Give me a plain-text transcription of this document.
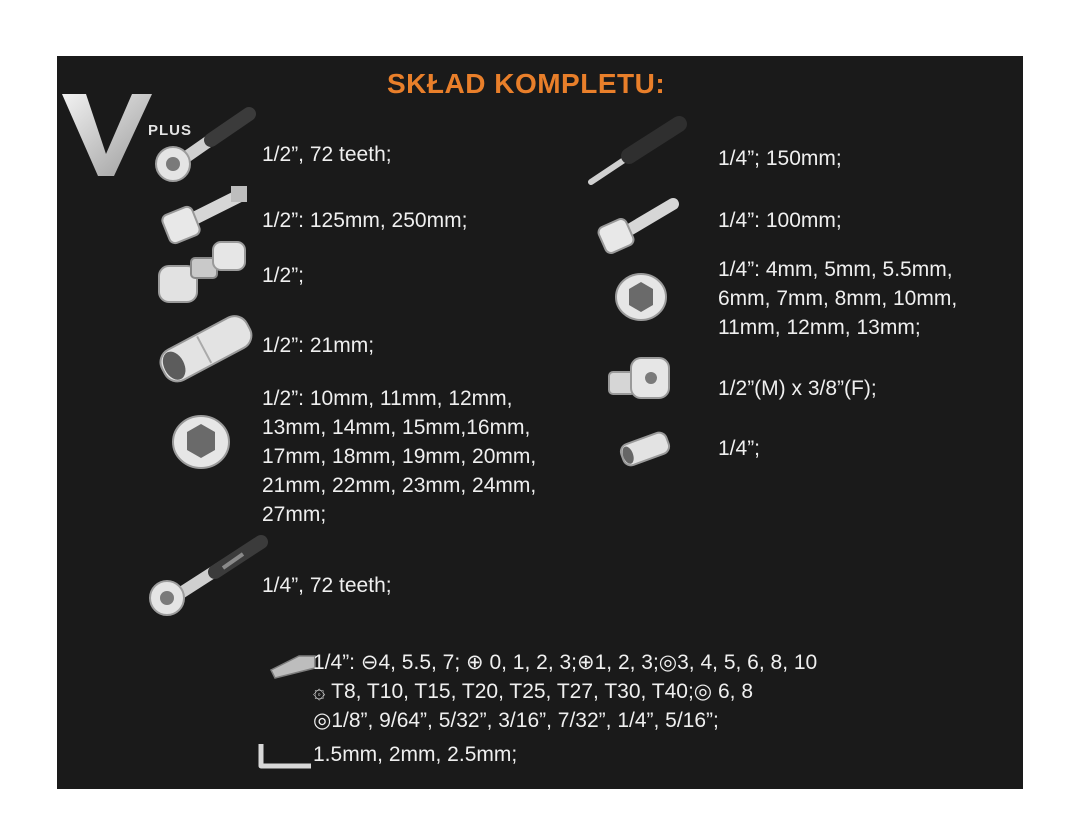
SKŁAD KOMPLETU:
PLUS
1/2”, 72 teeth;
1/2”: 125mm, 250mm;
1/2”;
1/2”: 21mm;
1/2”: 10mm, 11mm, 12mm,
13mm, 14mm, 15mm,16mm,
17mm, 18mm, 19mm, 20mm,
21mm, 22mm, 23mm, 24mm,
27mm;
1/4”, 72 teeth;
1/4”; 150mm;
1/4”: 100mm;
1/4”: 4mm, 5mm, 5.5mm,
6mm, 7mm, 8mm, 10mm,
11mm, 12mm, 13mm;
1/2”(M) x 3/8”(F);
1/4”;
1/4”: ⊖4, 5.5, 7; ⊕ 0, 1, 2, 3;⊕1, 2, 3;◎3, 4, 5, 6, 8, 10
۞ T8, T10, T15, T20, T25, T27, T30, T40;◎ 6, 8
◎1/8”, 9/64”, 5/32”, 3/16”, 7/32”, 1/4”, 5/16”;
1.5mm, 2mm, 2.5mm;
